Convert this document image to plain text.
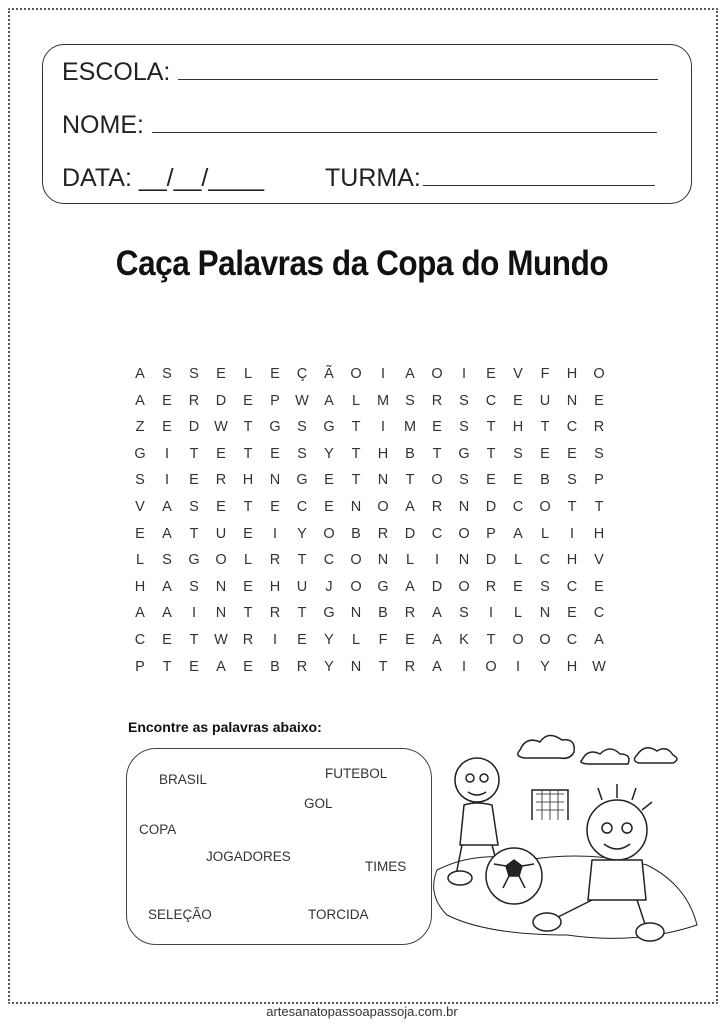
ESCOLA:
NOME:
DATA: __/__/____ TURMA:
Caça Palavras da Copa do Mundo
A	S	S	E	L	E	Ç	Ã	O	I	A	O	I	E	V	F	H	O
A	E	R	D	E	P	W	A	L	M	S	R	S	C	E	U	N	E
Z	E	D	W	T	G	S	G	T	I	M	E	S	T	H	T	C	R
G	I	T	E	T	E	S	Y	T	H	B	T	G	T	S	E	E	S
S	I	E	R	H	N	G	E	T	N	T	O	S	E	E	B	S	P
V	A	S	E	T	E	C	E	N	O	A	R	N	D	C	O	T	T
E	A	T	U	E	I	Y	O	B	R	D	C	O	P	A	L	I	H
L	S	G	O	L	R	T	C	O	N	L	I	N	D	L	C	H	V
H	A	S	N	E	H	U	J	O	G	A	D	O	R	E	S	C	E
A	A	I	N	T	R	T	G	N	B	R	A	S	I	L	N	E	C
C	E	T	W	R	I	E	Y	L	F	E	A	K	T	O	O	C	A
P	T	E	A	E	B	R	Y	N	T	R	A	I	O	I	Y	H	W
Encontre as palavras abaixo:
BRASIL	FUTEBOL
GOL
COPA
JOGADORES
TIMES
SELEÇÃO	TORCIDA
artesanatopassoapassoja.com.br
